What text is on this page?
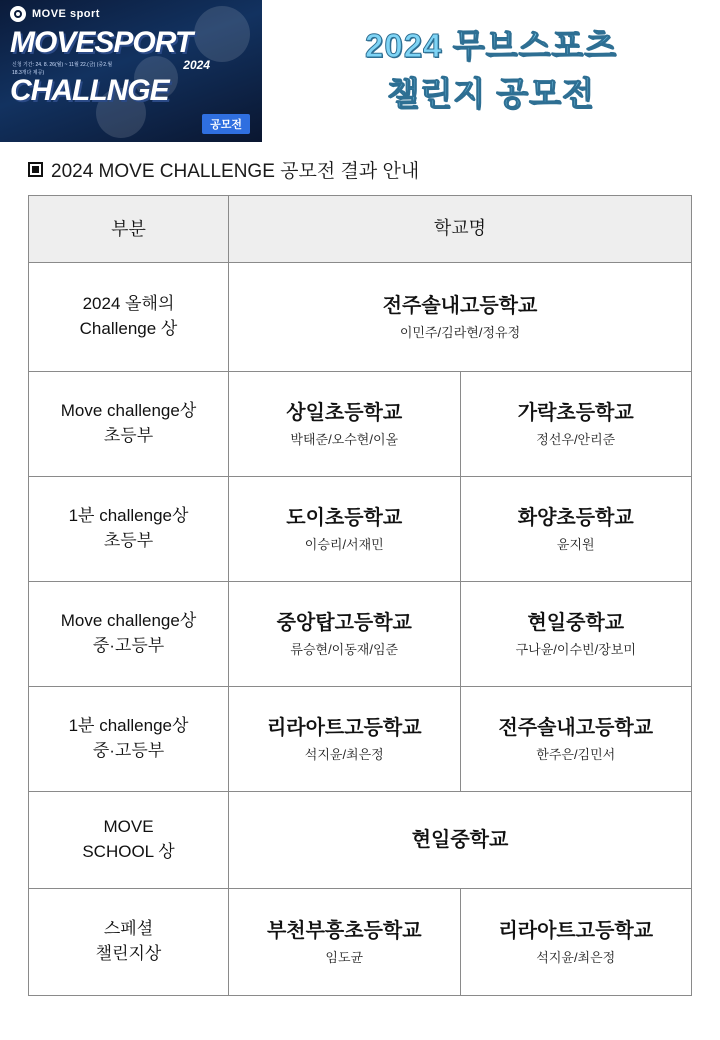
MOVE sport
MOVESPORT
신청 기간: 24. 8. 26(월) ~ 11월 22.(금) (중2.월 18.3개다 제공)
2024
CHALLNGE
공모전
2024 무브스포츠
챌린지 공모전
2024 MOVE CHALLENGE 공모전 결과 안내
부분	학교명
2024 올해의
Challenge 상
전주솔내고등학교
이민주/김라현/정유정
Move challenge상
초등부
상일초등학교
박태준/오수현/이올
가락초등학교
정선우/안리준
1분 challenge상
초등부
도이초등학교
이승리/서재민
화양초등학교
윤지원
Move challenge상
중·고등부
중앙탑고등학교
류승현/이동재/임준
현일중학교
구나윤/이수빈/장보미
1분 challenge상
중·고등부
리라아트고등학교
석지윤/최은정
전주솔내고등학교
한주은/김민서
MOVE
SCHOOL 상
현일중학교
스페셜
챌린지상
부천부흥초등학교
임도균
리라아트고등학교
석지윤/최은정
